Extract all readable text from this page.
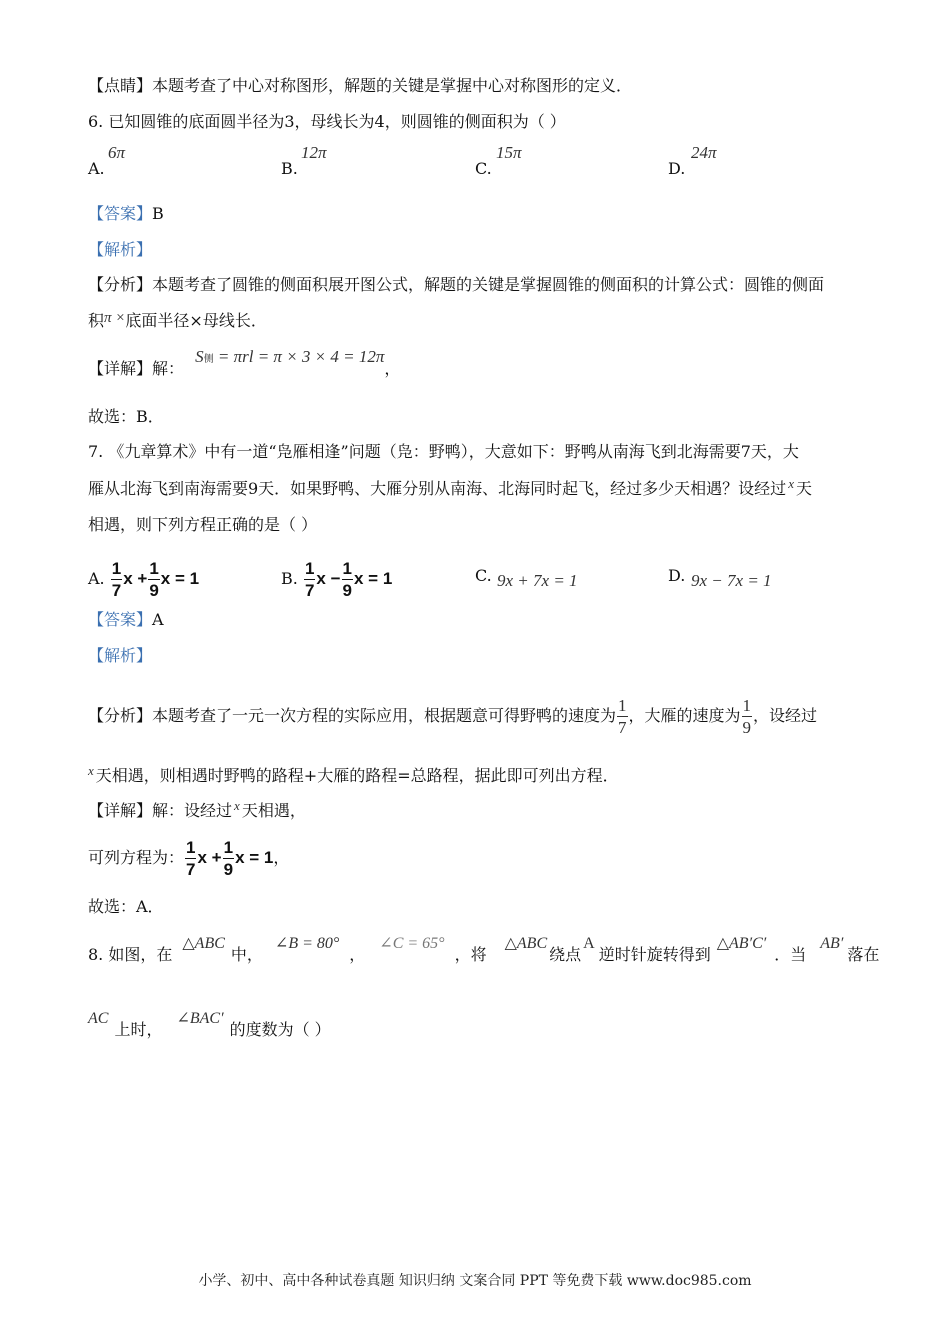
【点睛】本题考查了中心对称图形，解题的关键是掌握中心对称图形的定义．
6. 已知圆锥的底面圆半径为3，母线长为4，则圆锥的侧面积为（ ）
A.
6π
B.
12π
C.
15π
D.
24π
【答案】B
【解析】
【分析】本题考查了圆锥的侧面积展开图公式，解题的关键是掌握圆锥的侧面积的计算公式：圆锥的侧面
积π ×底面半径×母线长．
【详解】解： S侧 = πrl = π × 3 × 4 = 12π，
故选：B．
7. 《九章算术》中有一道“凫雁相逢”问题（凫：野鸭），大意如下：野鸭从南海飞到北海需要7天，大
雁从北海飞到南海需要9天．如果野鸭、大雁分别从南海、北海同时起飞，经过多少天相遇？设经过 $^x$ 天
相遇，则下列方程正确的是（ ）
A. $\frac{1}{7}$ $x + \frac{1}{9}$ x = 1	B. $\frac{1}{7}$ $x - \frac{1}{9}$ x = 1	C. 9x + 7x = 1	D. 9x − 7x = 1
【答案】A
【解析】
【分析】本题考查了一元一次方程的实际应用，根据题意可得野鸭的速度为 $\frac{1}{7}$ ，大雁的速度为 $\frac{1}{9}$ ，设经过
$^x$ 天相遇，则相遇时野鸭的路程+大雁的路程=总路程，据此即可列出方程．
【详解】解：设经过 $^x$ 天相遇，
可列方程为： $\frac{1}{7}$ $x + \frac{1}{9}$ x = 1，
故选：A．
8. 如图，在△ABC中，∠B = 80°，∠C = 65°，将△ABC绕点A逆时针旋转得到△AB′C′．当AB′落在
AC上时，∠BAC′的度数为（ ）
小学、初中、高中各种试卷真题 知识归纳 文案合同 PPT 等免费下载 www.doc985.com
